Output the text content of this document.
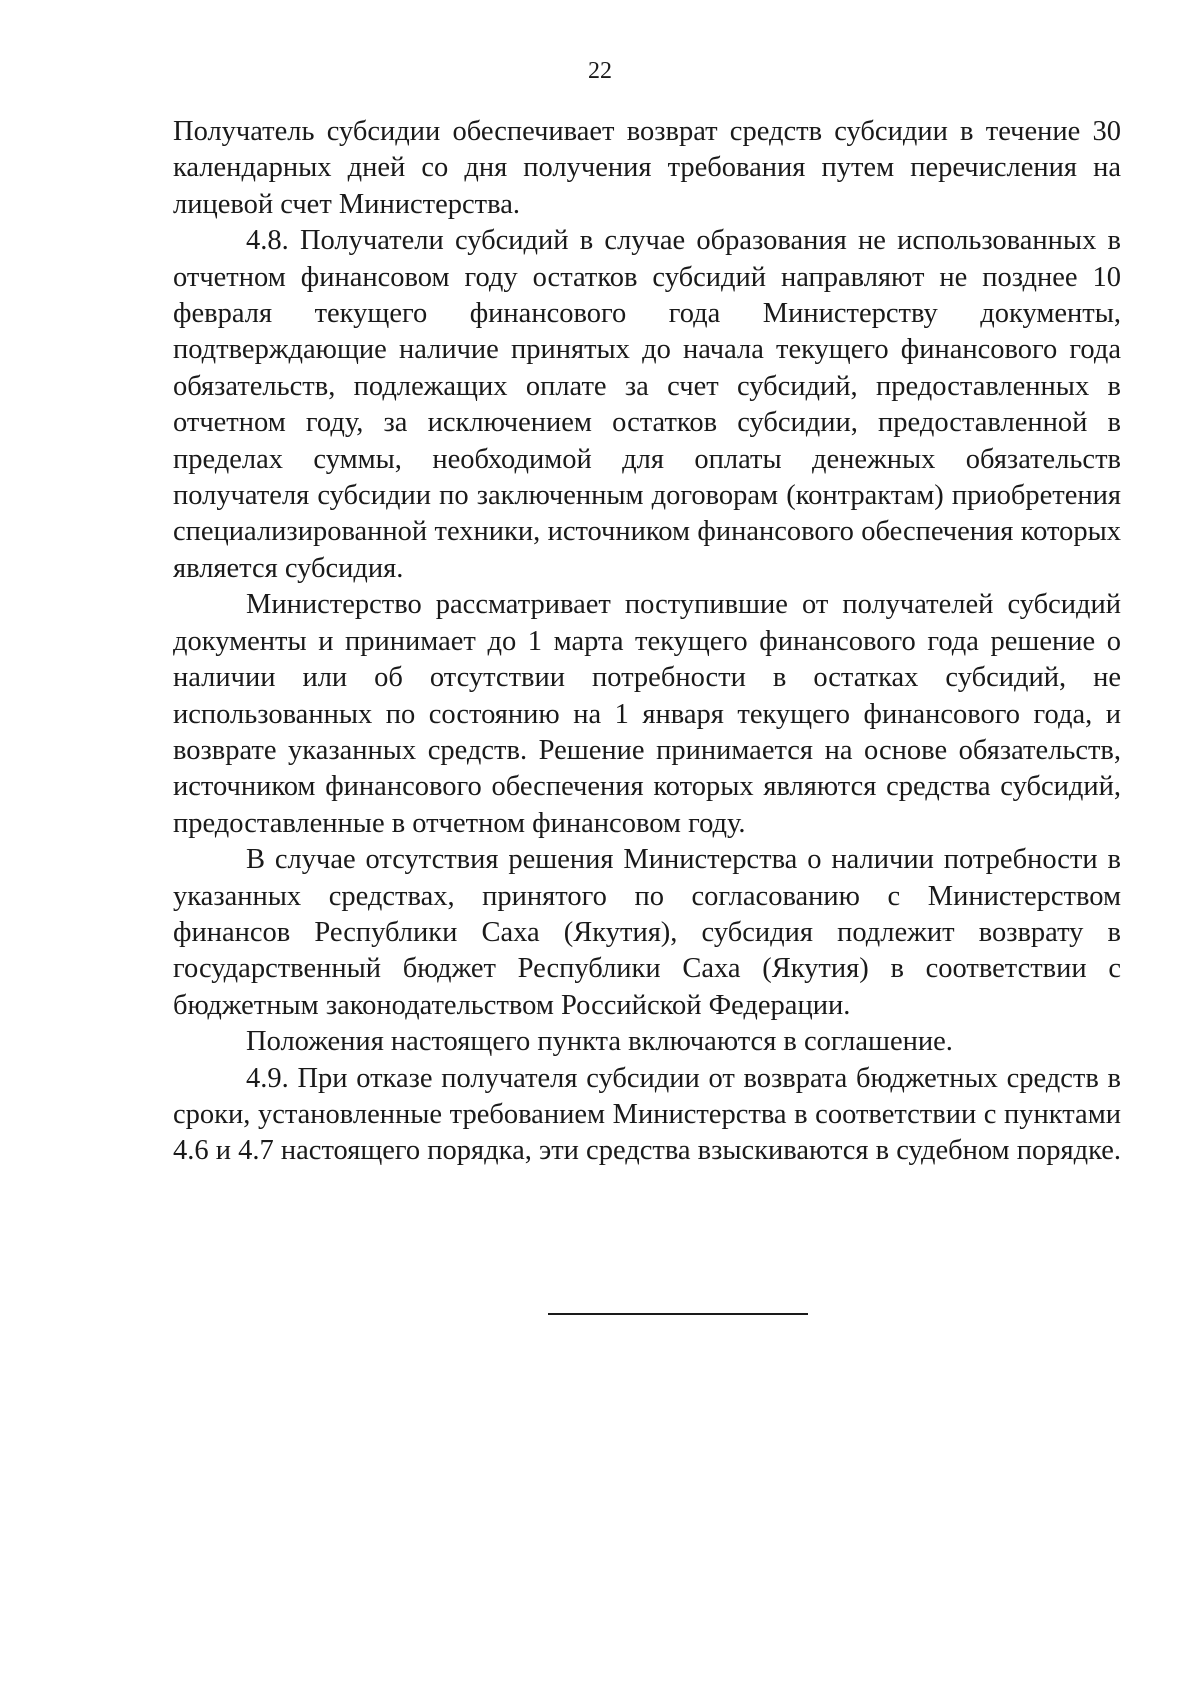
22

Получатель субсидии обеспечивает возврат средств субсидии в течение 30 календарных дней со дня получения требования путем перечисления на лицевой счет Министерства.

4.8. Получатели субсидий в случае образования не использованных в отчетном финансовом году остатков субсидий направляют не позднее 10 февраля текущего финансового года Министерству документы, подтверждающие наличие принятых до начала текущего финансового года обязательств, подлежащих оплате за счет субсидий, предоставленных в отчетном году, за исключением остатков субсидии, предоставленной в пределах суммы, необходимой для оплаты денежных обязательств получателя субсидии по заключенным договорам (контрактам) приобретения специализированной техники, источником финансового обеспечения которых является субсидия.

Министерство рассматривает поступившие от получателей субсидий документы и принимает до 1 марта текущего финансового года решение о наличии или об отсутствии потребности в остатках субсидий, не использованных по состоянию на 1 января текущего финансового года, и возврате указанных средств. Решение принимается на основе обязательств, источником финансового обеспечения которых являются средства субсидий, предоставленные в отчетном финансовом году.

В случае отсутствия решения Министерства о наличии потребности в указанных средствах, принятого по согласованию с Министерством финансов Республики Саха (Якутия), субсидия подлежит возврату в государственный бюджет Республики Саха (Якутия) в соответствии с бюджетным законодательством Российской Федерации.

Положения настоящего пункта включаются в соглашение.

4.9. При отказе получателя субсидии от возврата бюджетных средств в сроки, установленные требованием Министерства в соответствии с пунктами 4.6 и 4.7 настоящего порядка, эти средства взыскиваются в судебном порядке.
